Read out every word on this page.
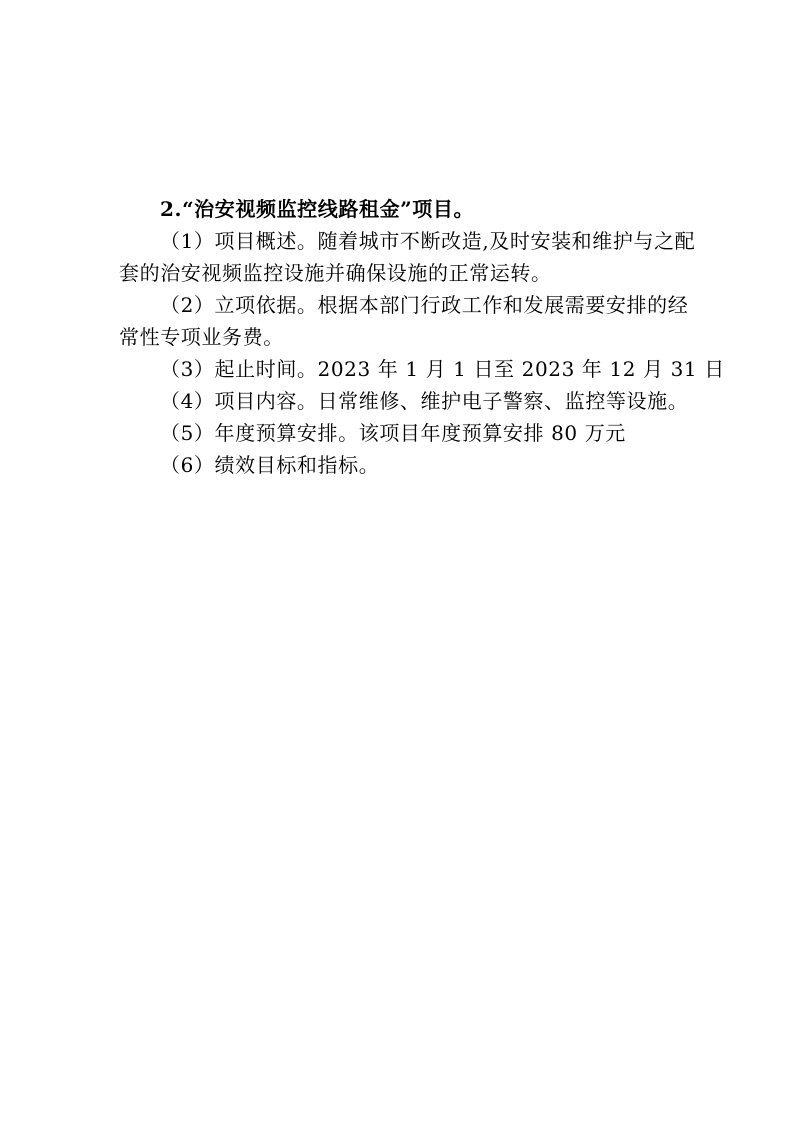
2.“治安视频监控线路租金”项目。

（1）项目概述。随着城市不断改造,及时安装和维护与之配

套的治安视频监控设施并确保设施的正常运转。

（2）立项依据。根据本部门行政工作和发展需要安排的经

常性专项业务费。

（3）起止时间。2023 年 1 月 1 日至 2023 年 12 月 31 日

（4）项目内容。日常维修、维护电子警察、监控等设施。

（5）年度预算安排。该项目年度预算安排 80 万元

（6）绩效目标和指标。
